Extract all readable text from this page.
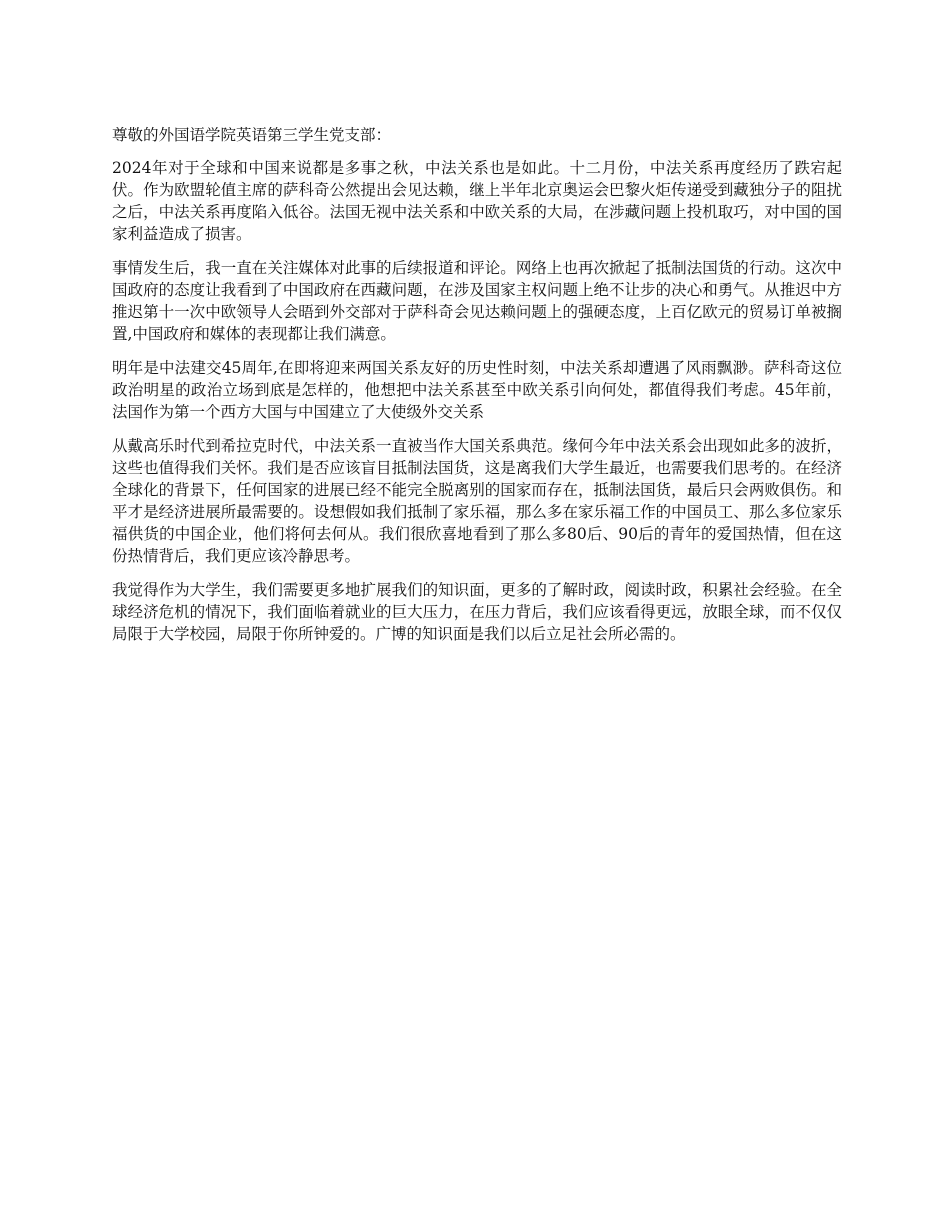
尊敬的外国语学院英语第三学生党支部：

2024年对于全球和中国来说都是多事之秋，中法关系也是如此。十二月份，中法关系再度经历了跌宕起伏。作为欧盟轮值主席的萨科奇公然提出会见达赖，继上半年北京奥运会巴黎火炬传递受到藏独分子的阻扰之后，中法关系再度陷入低谷。法国无视中法关系和中欧关系的大局，在涉藏问题上投机取巧，对中国的国家利益造成了损害。

事情发生后，我一直在关注媒体对此事的后续报道和评论。网络上也再次掀起了抵制法国货的行动。这次中国政府的态度让我看到了中国政府在西藏问题，在涉及国家主权问题上绝不让步的决心和勇气。从推迟中方推迟第十一次中欧领导人会晤到外交部对于萨科奇会见达赖问题上的强硬态度，上百亿欧元的贸易订单被搁置,中国政府和媒体的表现都让我们满意。

明年是中法建交45周年,在即将迎来两国关系友好的历史性时刻，中法关系却遭遇了风雨飘渺。萨科奇这位政治明星的政治立场到底是怎样的，他想把中法关系甚至中欧关系引向何处，都值得我们考虑。45年前，法国作为第一个西方大国与中国建立了大使级外交关系

从戴高乐时代到希拉克时代，中法关系一直被当作大国关系典范。缘何今年中法关系会出现如此多的波折，这些也值得我们关怀。我们是否应该盲目抵制法国货，这是离我们大学生最近，也需要我们思考的。在经济全球化的背景下，任何国家的进展已经不能完全脱离别的国家而存在，抵制法国货，最后只会两败俱伤。和平才是经济进展所最需要的。设想假如我们抵制了家乐福，那么多在家乐福工作的中国员工、那么多位家乐福供货的中国企业，他们将何去何从。我们很欣喜地看到了那么多80后、90后的青年的爱国热情，但在这份热情背后，我们更应该冷静思考。

我觉得作为大学生，我们需要更多地扩展我们的知识面，更多的了解时政，阅读时政，积累社会经验。在全球经济危机的情况下，我们面临着就业的巨大压力，在压力背后，我们应该看得更远，放眼全球，而不仅仅局限于大学校园，局限于你所钟爱的。广博的知识面是我们以后立足社会所必需的。
